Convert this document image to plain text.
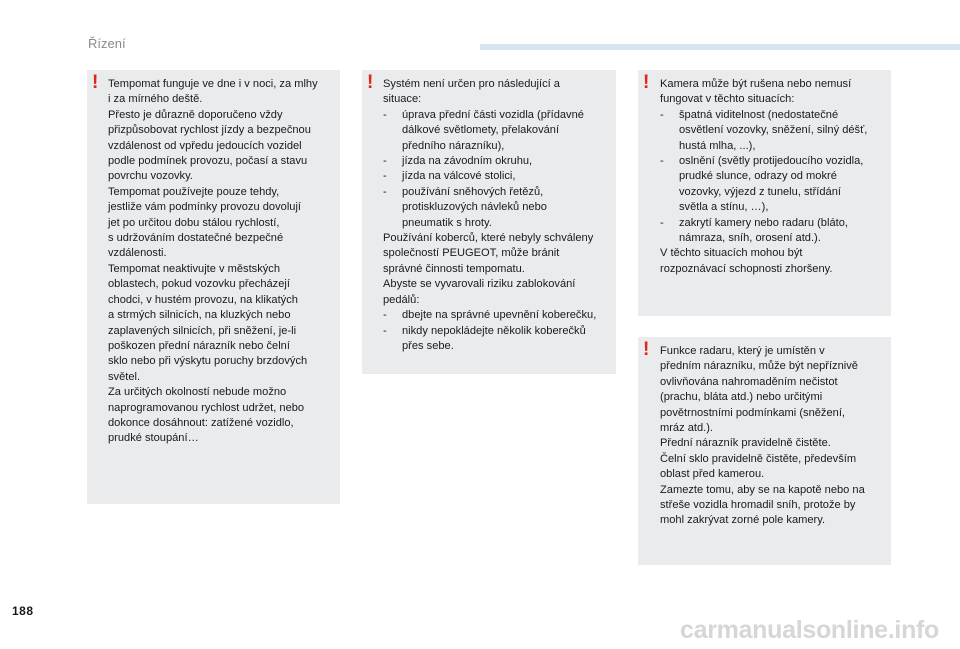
Řízení
! Tempomat funguje ve dne i v noci, za mlhy
i za mírného deště.
Přesto je důrazně doporučeno vždy
přizpůsobovat rychlost jízdy a bezpečnou
vzdálenost od vpředu jedoucích vozidel
podle podmínek provozu, počasí a stavu
povrchu vozovky.
Tempomat používejte pouze tehdy,
jestliže vám podmínky provozu dovolují
jet po určitou dobu stálou rychlostí,
s udržováním dostatečné bezpečné
vzdálenosti.
Tempomat neaktivujte v městských
oblastech, pokud vozovku přecházejí
chodci, v hustém provozu, na klikatých
a strmých silnicích, na kluzkých nebo
zaplavených silnicích, při sněžení, je-li
poškozen přední nárazník nebo čelní
sklo nebo při výskytu poruchy brzdových
světel.
Za určitých okolností nebude možno
naprogramovanou rychlost udržet, nebo
dokonce dosáhnout: zatížené vozidlo,
prudké stoupání…
! Systém není určen pro následující a
situace:
-	úprava přední části vozidla (přídavné
dálkové světlomety, přelakování
předního nárazníku),
-	jízda na závodním okruhu,
-	jízda na válcové stolici,
-	používání sněhových řetězů,
protiskluzových návleků nebo
pneumatik s hroty.
Používání koberců, které nebyly schváleny
společností PEUGEOT, může bránit
správné činnosti tempomatu.
Abyste se vyvarovali riziku zablokování
pedálů:
-	dbejte na správné upevnění koberečku,
-	nikdy nepokládejte několik koberečků
přes sebe.
! Kamera může být rušena nebo nemusí
fungovat v těchto situacích:
-	špatná viditelnost (nedostatečné
osvětlení vozovky, sněžení, silný déšť,
hustá mlha, ...),
-	oslnění (světly protijedoucího vozidla,
prudké slunce, odrazy od mokré
vozovky, výjezd z tunelu, střídání
světla a stínu, …),
-	zakrytí kamery nebo radaru (bláto,
námraza, sníh, orosení atd.).
V těchto situacích mohou být
rozpoznávací schopnosti zhoršeny.
! Funkce radaru, který je umístěn v
předním nárazníku, může být nepříznivě
ovlivňována nahromaděním nečistot
(prachu, bláta atd.) nebo určitými
povětrnostními podmínkami (sněžení,
mráz atd.).
Přední nárazník pravidelně čistěte.
Čelní sklo pravidelně čistěte, především
oblast před kamerou.
Zamezte tomu, aby se na kapotě nebo na
střeše vozidla hromadil sníh, protože by
mohl zakrývat zorné pole kamery.
188
carmanualsonline.info
